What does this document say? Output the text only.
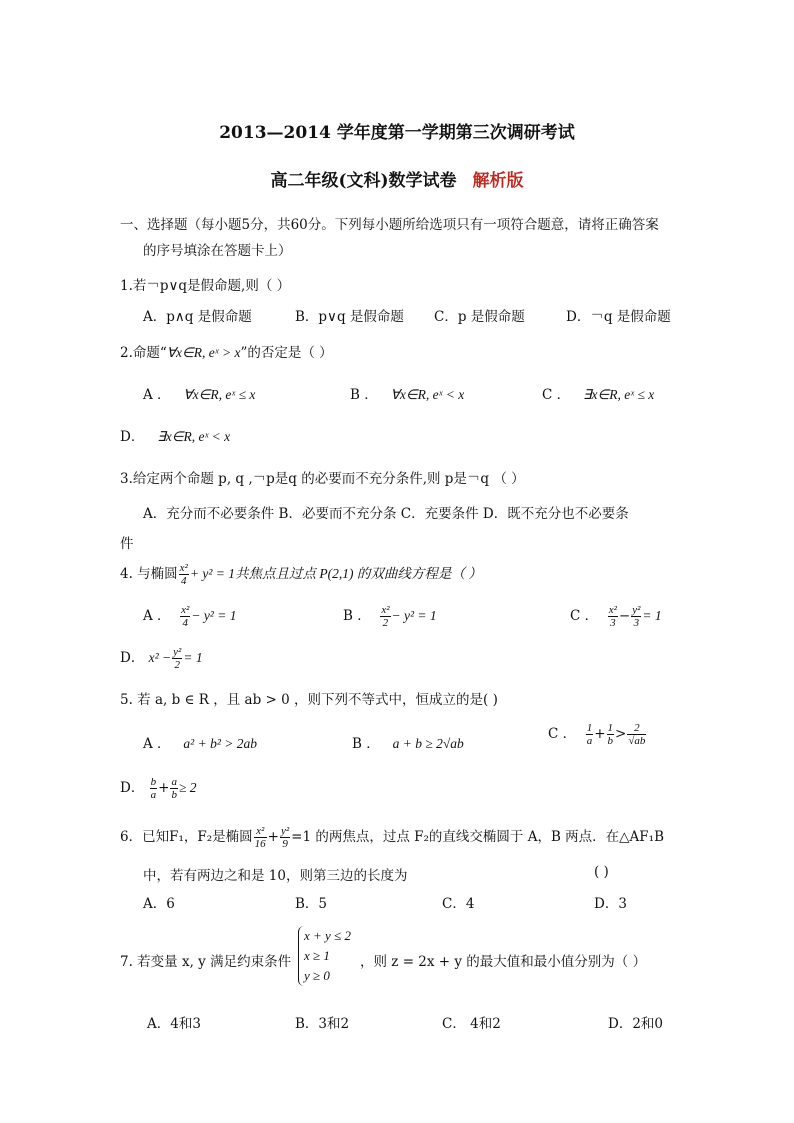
2013—2014 学年度第一学期第三次调研考试
高二年级(文科)数学试卷 解析版
一、选择题（每小题5分，共60分。下列每小题所给选项只有一项符合题意，请将正确答案
的序号填涂在答题卡上）
1.若￢p∨q是假命题,则（ ）
A．p∧q 是假命题	B．p∨q 是假命题 C．p 是假命题	D．￢q 是假命题
2.命题“∀x∈R, eˣ > x”的否定是（ ）
A ． ∀x∈R, eˣ ≤ x	B ． ∀x∈R, eˣ < x	C ． ∃x∈R, eˣ ≤ x
D． ∃x∈R, eˣ < x
3.给定两个命题 p, q ,￢p是q 的必要而不充分条件,则 p是￢q （ ）
A．充分而不必要条件 B．必要而不充分条 C．充要条件 D．既不充分也不必要条
件
4. 与椭圆 $\frac{\text{x²}}{4} + y^2 = 1$共焦点且过点 P(2,1) 的双曲线方程是（ ）
A ． $\frac{\text{x²}}{4} - y^2 = 1$	B ． $\frac{\text{x²}}{2} - y^2 = 1$	C ． $\frac{\text{x²}}{3} - \frac{\text{y²}}{3} = 1$
D． $x^2 - \frac{\text{y²}}{2} = 1$
5. 若 a, b ∈ R ，且 ab > 0 ，则下列不等式中，恒成立的是( )
A ． a² + b² > 2ab	B ． a + b ≥ 2√ab
C ． $\frac{1}{a} + \frac{1}{b} > \frac{2}{√ab}$
D． $\frac{b}{a} + \frac{a}{b} \ge 2$
6．已知F₁，F₂是椭圆 $\frac{\text{x²}}{16} + \frac{\text{y²}}{9} =1$ 的两焦点，过点 F₂的直线交椭圆于 A，B 两点．在△AF₁B
中，若有两边之和是 10，则第三边的长度为	( )
A．6	B．5	C．4	D．3
7. 若变量 x, y 满足约束条件
x + y ≤ 2
x ≥ 1
y ≥ 0
，则 z = 2x + y 的最大值和最小值分别为（ ）
A．4和3	B．3和2	C． 4和2	D．2和0
